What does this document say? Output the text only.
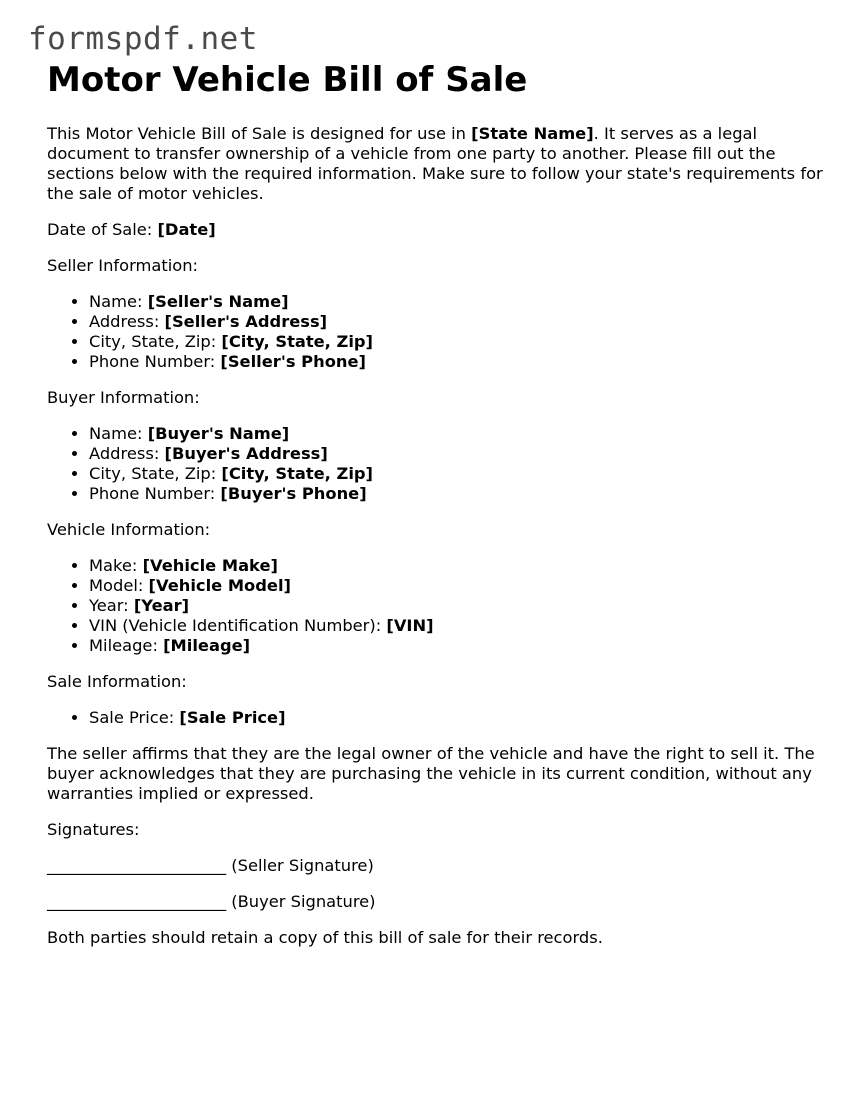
formspdf.net
Motor Vehicle Bill of Sale

This Motor Vehicle Bill of Sale is designed for use in [State Name]. It serves as a legal document to transfer ownership of a vehicle from one party to another. Please fill out the sections below with the required information. Make sure to follow your state's requirements for the sale of motor vehicles.

Date of Sale: [Date]

Seller Information:

• Name: [Seller's Name]
• Address: [Seller's Address]
• City, State, Zip: [City, State, Zip]
• Phone Number: [Seller's Phone]

Buyer Information:

• Name: [Buyer's Name]
• Address: [Buyer's Address]
• City, State, Zip: [City, State, Zip]
• Phone Number: [Buyer's Phone]

Vehicle Information:

• Make: [Vehicle Make]
• Model: [Vehicle Model]
• Year: [Year]
• VIN (Vehicle Identification Number): [VIN]
• Mileage: [Mileage]

Sale Information:

• Sale Price: [Sale Price]

The seller affirms that they are the legal owner of the vehicle and have the right to sell it. The buyer acknowledges that they are purchasing the vehicle in its current condition, without any warranties implied or expressed.

Signatures:

______________________ (Seller Signature)

______________________ (Buyer Signature)

Both parties should retain a copy of this bill of sale for their records.
